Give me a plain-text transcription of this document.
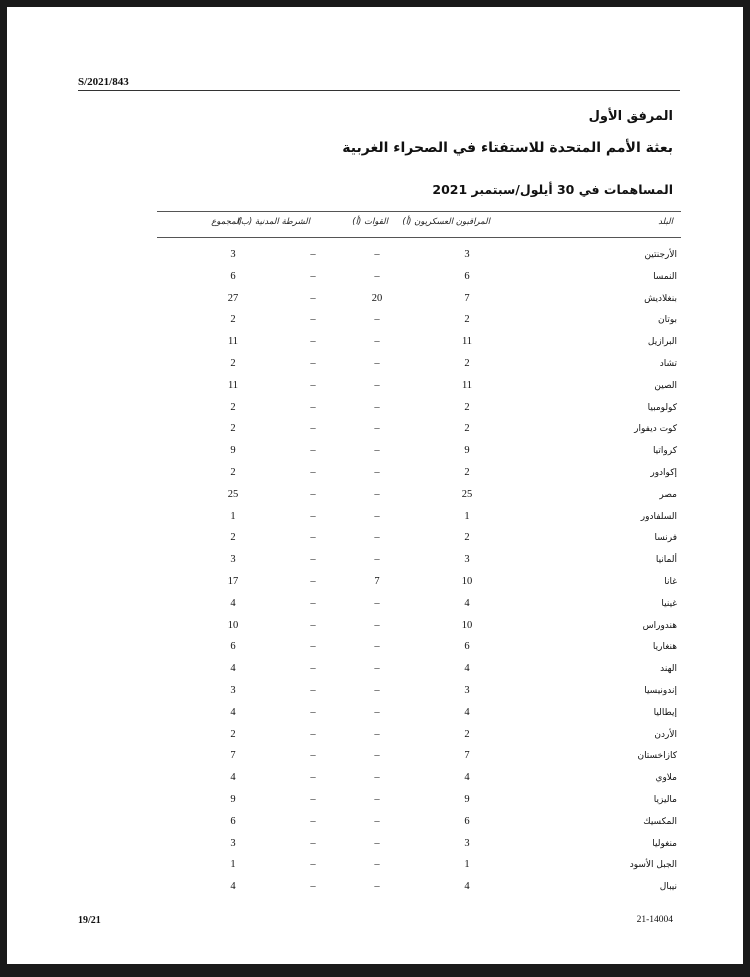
S/2021/843
المرفق الأول
بعثة الأمم المتحدة للاستفتاء في الصحراء الغربية
المساهمات في 30 أيلول/سبتمبر 2021
البلد
المراقبون العسكريون (أ)
القوات (أ)
الشرطة المدنية (ب)
المجموع
الأرجنتين
3
–
–
3
النمسا
6
–
–
6
بنغلاديش
7
20
–
27
بوتان
2
–
–
2
البرازيل
11
–
–
11
تشاد
2
–
–
2
الصين
11
–
–
11
كولومبيا
2
–
–
2
كوت ديفوار
2
–
–
2
كرواتيا
9
–
–
9
إكوادور
2
–
–
2
مصر
25
–
–
25
السلفادور
1
–
–
1
فرنسا
2
–
–
2
ألمانيا
3
–
–
3
غانا
10
7
–
17
غينيا
4
–
–
4
هندوراس
10
–
–
10
هنغاريا
6
–
–
6
الهند
4
–
–
4
إندونيسيا
3
–
–
3
إيطاليا
4
–
–
4
الأردن
2
–
–
2
كازاخستان
7
–
–
7
ملاوي
4
–
–
4
ماليزيا
9
–
–
9
المكسيك
6
–
–
6
منغوليا
3
–
–
3
الجبل الأسود
1
–
–
1
نيبال
4
–
–
4
19/21	21-14004
